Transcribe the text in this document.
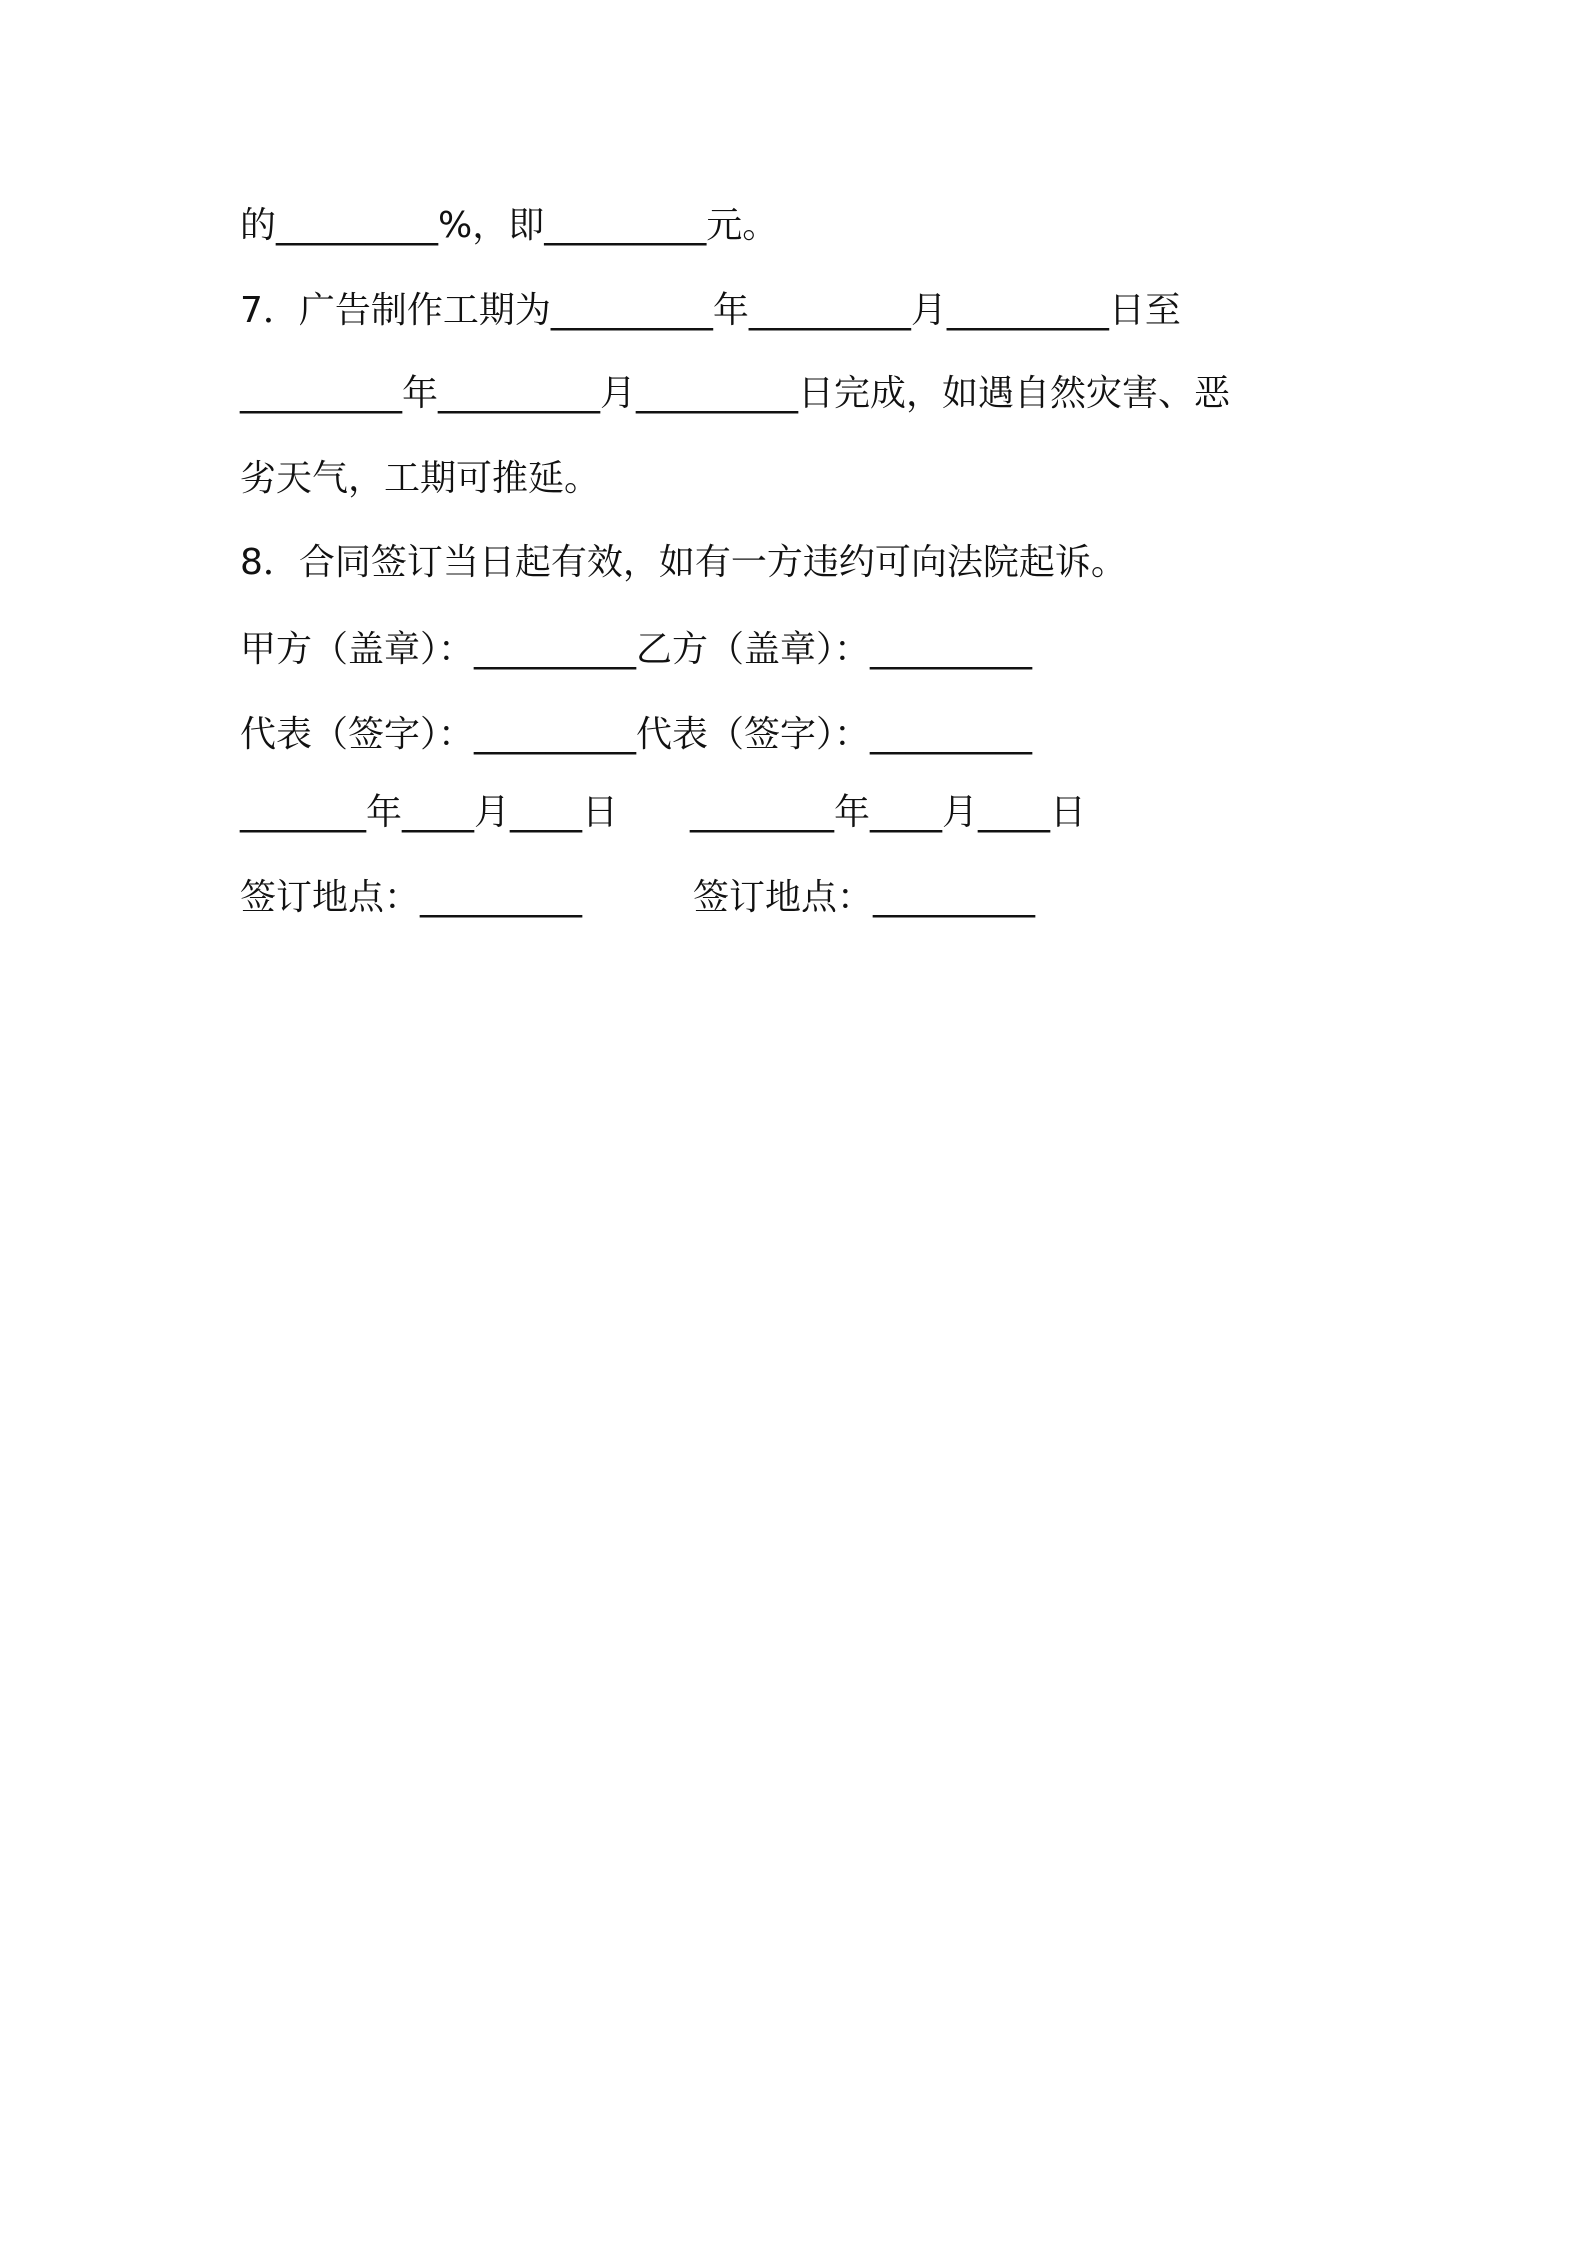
的_________%，即_________元。
7．广告制作工期为_________年_________月_________日至
_________年_________月_________日完成，如遇自然灾害、恶
劣天气，工期可推延。
8．合同签订当日起有效，如有一方违约可向法院起诉。
甲方（盖章）：_________乙方（盖章）：_________
代表（签字）：_________代表（签字）：_________
_______年____月____日 ________年____月____日
签订地点：_________	签订地点：_________
